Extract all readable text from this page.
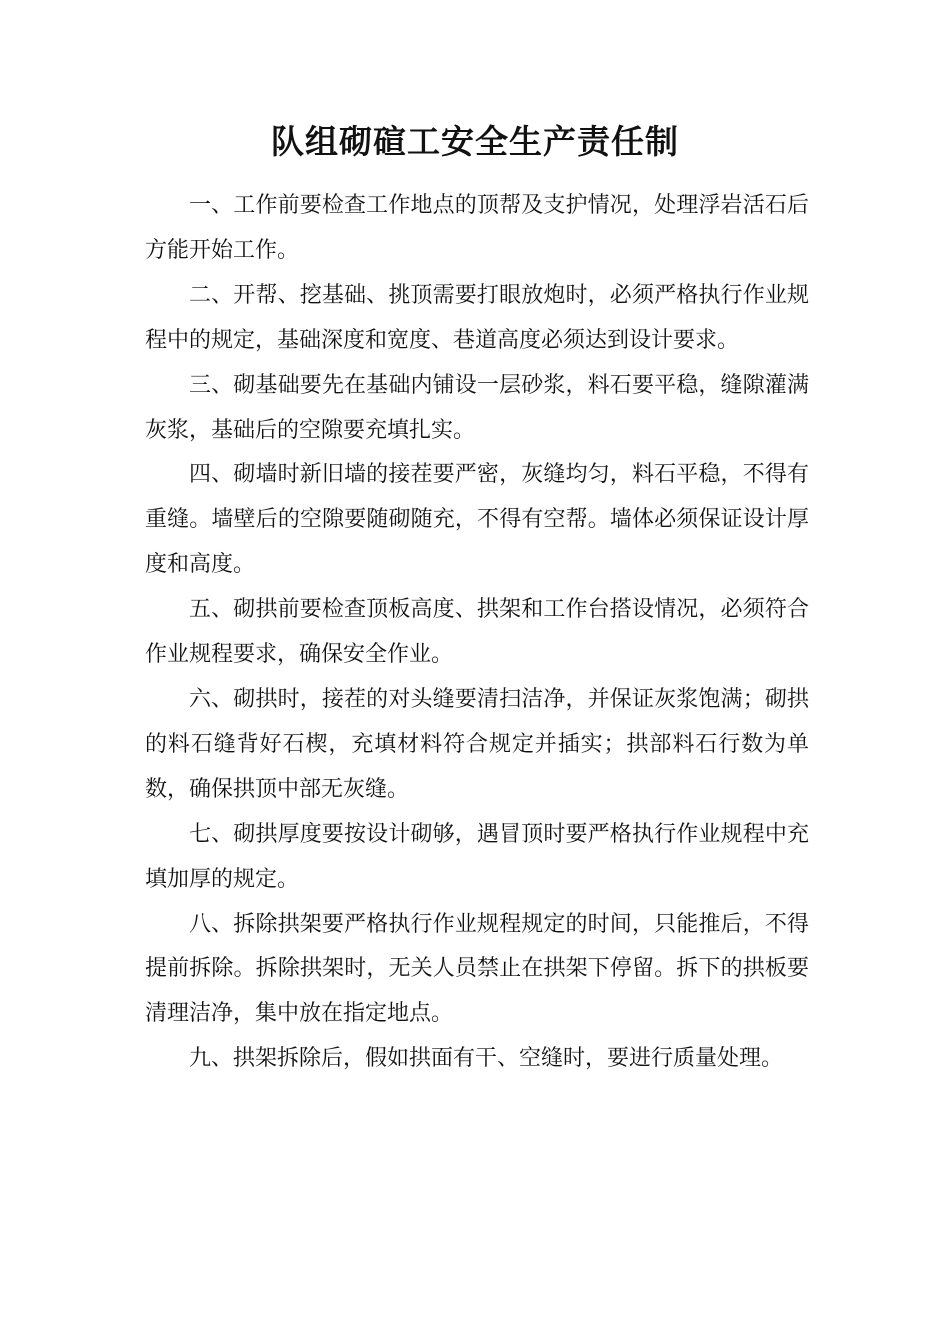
队组砌碹工安全生产责任制

一、工作前要检查工作地点的顶帮及支护情况，处理浮岩活石后方能开始工作。

二、开帮、挖基础、挑顶需要打眼放炮时，必须严格执行作业规程中的规定，基础深度和宽度、巷道高度必须达到设计要求。

三、砌基础要先在基础内铺设一层砂浆，料石要平稳，缝隙灌满灰浆，基础后的空隙要充填扎实。

四、砌墙时新旧墙的接茬要严密，灰缝均匀，料石平稳，不得有重缝。墙壁后的空隙要随砌随充，不得有空帮。墙体必须保证设计厚度和高度。

五、砌拱前要检查顶板高度、拱架和工作台搭设情况，必须符合作业规程要求，确保安全作业。

六、砌拱时，接茬的对头缝要清扫洁净，并保证灰浆饱满；砌拱的料石缝背好石楔，充填材料符合规定并插实；拱部料石行数为单数，确保拱顶中部无灰缝。

七、砌拱厚度要按设计砌够，遇冒顶时要严格执行作业规程中充填加厚的规定。

八、拆除拱架要严格执行作业规程规定的时间，只能推后，不得提前拆除。拆除拱架时，无关人员禁止在拱架下停留。拆下的拱板要清理洁净，集中放在指定地点。

九、拱架拆除后，假如拱面有干、空缝时，要进行质量处理。
